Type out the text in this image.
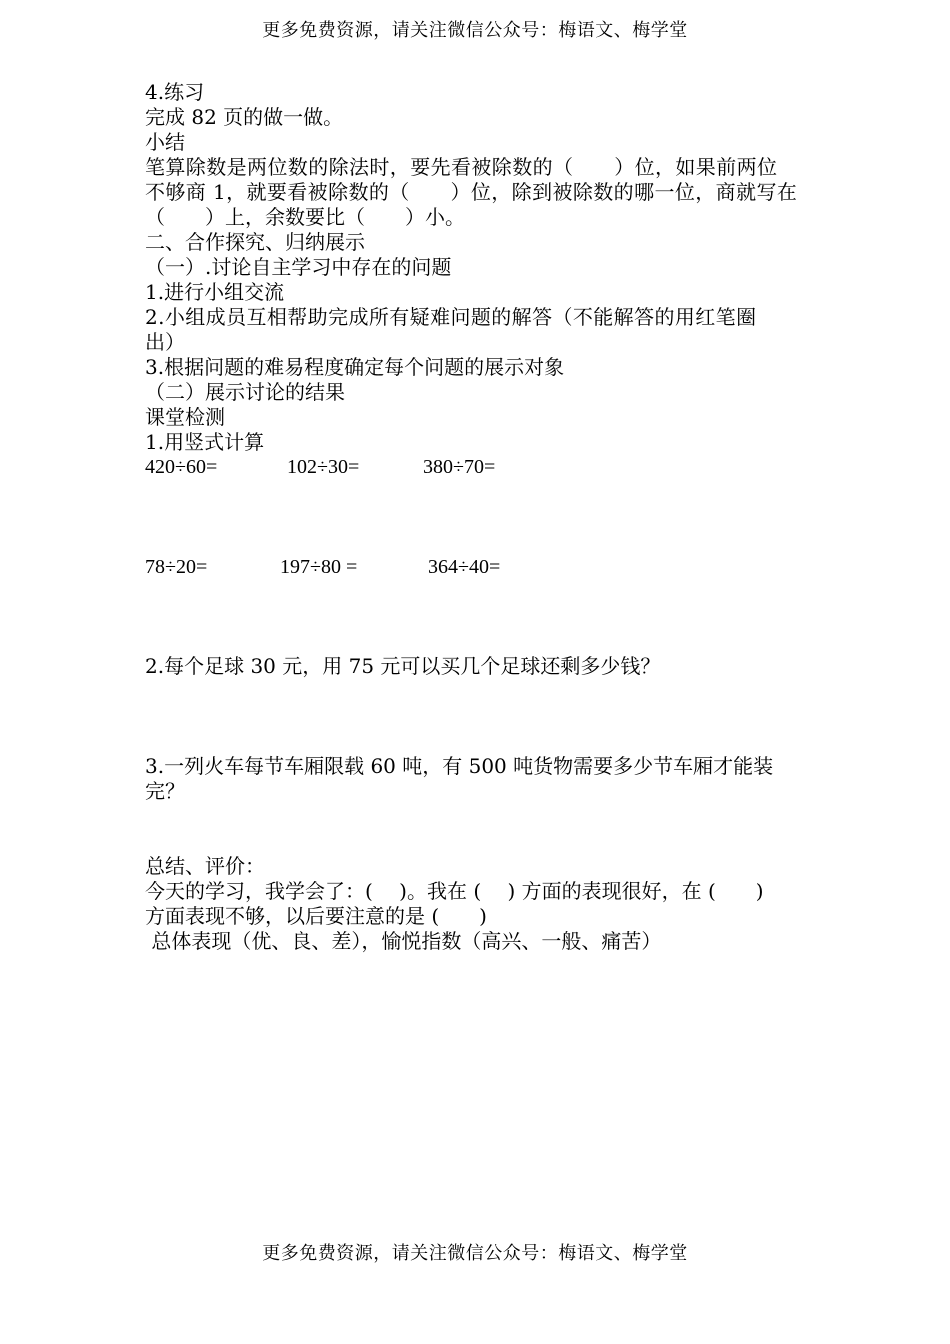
更多免费资源，请关注微信公众号：梅语文、梅学堂
4.练习
完成 82 页的做一做。
小结
笔算除数是两位数的除法时，要先看被除数的（　　）位，如果前两位
不够商 1，就要看被除数的（　　）位，除到被除数的哪一位，商就写在
（　　）上，余数要比（　　）小。
二、合作探究、归纳展示
（一）.讨论自主学习中存在的问题
1.进行小组交流
2.小组成员互相帮助完成所有疑难问题的解答（不能解答的用红笔圈
出）
3.根据问题的难易程度确定每个问题的展示对象
（二）展示讨论的结果
课堂检测
1.用竖式计算
420÷60=	102÷30=	380÷70=
78÷20=	197÷80 =	364÷40=
2.每个足球 30 元，用 75 元可以买几个足球还剩多少钱？
3.一列火车每节车厢限载 60 吨，有 500 吨货物需要多少节车厢才能装
完？
总结、评价：
今天的学习，我学会了：(　 )。我在 (　 ) 方面的表现很好，在 (　　)
方面表现不够，以后要注意的是 (　　)
总体表现（优、良、差），愉悦指数（高兴、一般、痛苦）
更多免费资源，请关注微信公众号：梅语文、梅学堂
